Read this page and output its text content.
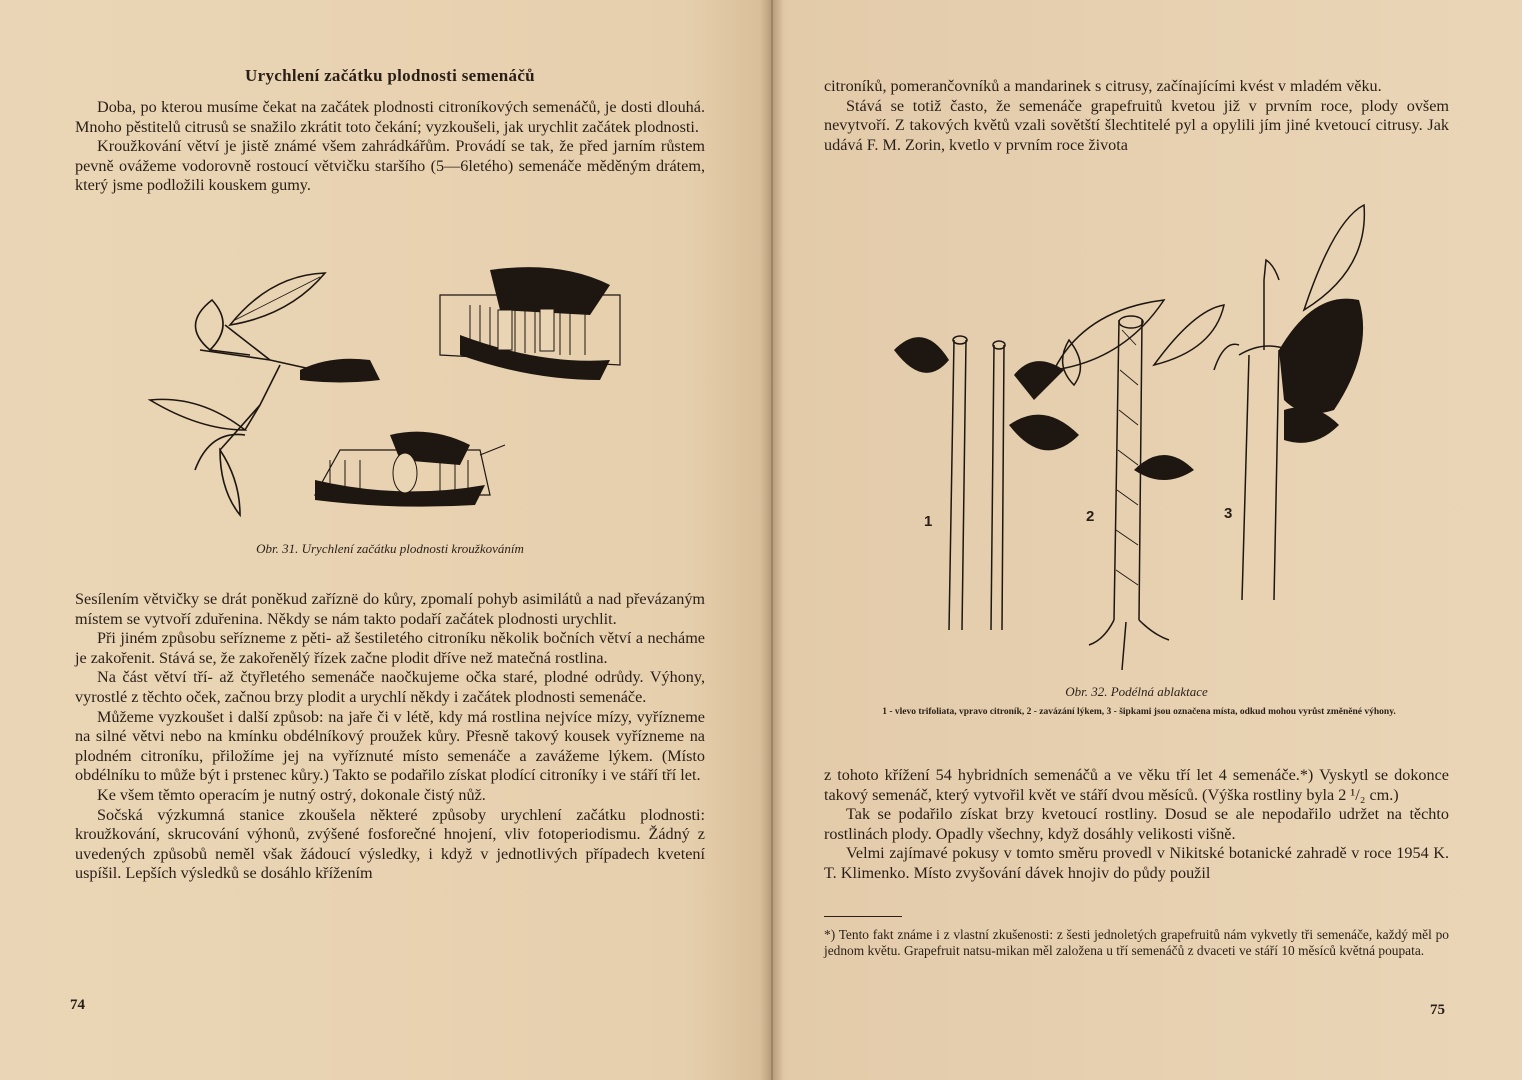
Urychlení začátku plodnosti semenáčů

Doba, po kterou musíme čekat na začátek plodnosti citroníkových semenáčů, je dosti dlouhá. Mnoho pěstitelů citrusů se snažilo zkrátit toto čekání; vyzkoušeli, jak urychlit začátek plodnosti.

Kroužkování větví je jistě známé všem zahrádkářům. Provádí se tak, že před jarním růstem pevně ovážeme vodorovně rostoucí větvičku staršího (5—6letého) semenáče měděným drátem, který jsme podložili kouskem gumy.

Obr. 31. Urychlení začátku plodnosti kroužkováním

Sesílením větvičky se drát poněkud zaříznë do kůry, zpomalí pohyb asimilátů a nad převázaným místem se vytvoří zduřenina. Někdy se nám takto podaří začátek plodnosti urychlit.

Při jiném způsobu seřízneme z pěti- až šestiletého citroníku několik bočních větví a necháme je zakořenit. Stává se, že zakořenělý řízek začne plodit dříve než matečná rostlina.

Na část větví tří- až čtyřletého semenáče naočkujeme očka staré, plodné odrůdy. Výhony, vyrostlé z těchto oček, začnou brzy plodit a urychlí někdy i začátek plodnosti semenáče.

Můžeme vyzkoušet i další způsob: na jaře či v létě, kdy má rostlina nejvíce mízy, vyřízneme na silné větvi nebo na kmínku obdélníkový proužek kůry. Přesně takový kousek vyřízneme na plodném citroníku, přiložíme jej na vyříznuté místo semenáče a zavážeme lýkem. (Místo obdélníku to může být i prstenec kůry.) Takto se podařilo získat plodící citroníky i ve stáří tří let.

Ke všem těmto operacím je nutný ostrý, dokonale čistý nůž.

Sočská výzkumná stanice zkoušela některé způsoby urychlení začátku plodnosti: kroužkování, skrucování výhonů, zvýšené fosforečné hnojení, vliv fotoperiodismu. Žádný z uvedených způsobů neměl však žádoucí výsledky, i když v jednotlivých případech kvetení uspíšil. Lepších výsledků se dosáhlo křížením

74

citroníků, pomerančovníků a mandarinek s citrusy, začínajícími kvést v mladém věku.

Stává se totiž často, že semenáče grapefruitů kvetou již v prvním roce, plody ovšem nevytvoří. Z takových květů vzali sovětští šlechtitelé pyl a opylili jím jiné kvetoucí citrusy. Jak udává F. M. Zorin, kvetlo v prvním roce života

1	2	3
Obr. 32. Podélná ablaktace
1 - vlevo trifoliata, vpravo citroník, 2 - zavázání lýkem, 3 - šipkami jsou označena místa, odkud mohou vyrůst změněné výhony.

z tohoto křížení 54 hybridních semenáčů a ve věku tří let 4 semenáče.*) Vyskytl se dokonce takový semenáč, který vytvořil květ ve stáří dvou měsíců. (Výška rostliny byla 2 ¹/₂ cm.)

Tak se podařilo získat brzy kvetoucí rostliny. Dosud se ale nepodařilo udržet na těchto rostlinách plody. Opadly všechny, když dosáhly velikosti višně.

Velmi zajímavé pokusy v tomto směru provedl v Nikitské botanické zahradě v roce 1954 K. T. Klimenko. Místo zvyšování dávek hnojiv do půdy použil

*) Tento fakt známe i z vlastní zkušenosti: z šesti jednoletých grapefruitů nám vykvetly tři semenáče, každý měl po jednom květu. Grapefruit natsu-mikan měl založena u tří semenáčů z dvaceti ve stáří 10 měsíců květná poupata.
75
